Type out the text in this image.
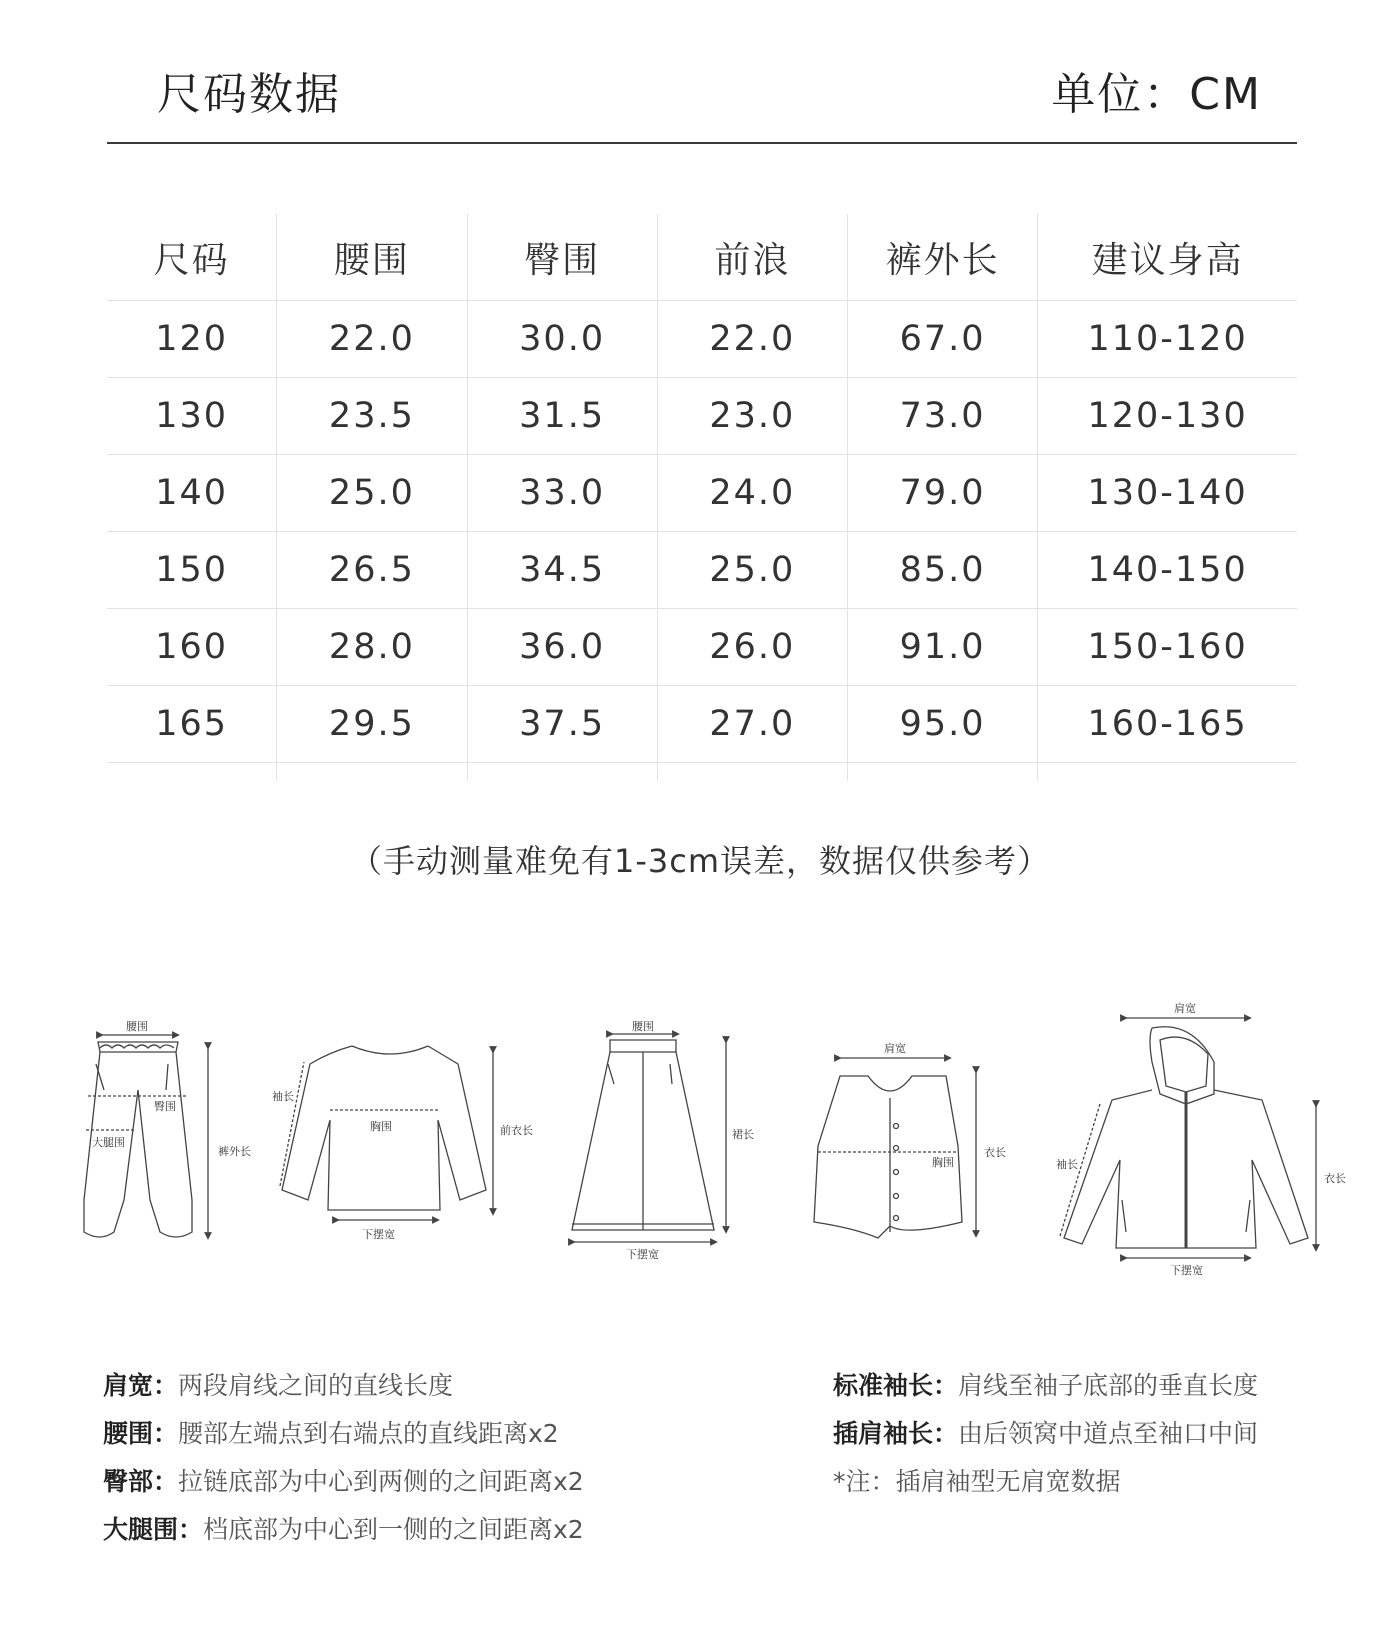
尺码数据	单位：CM
尺码	腰围	臀围	前浪	裤外长	建议身高
120	22.0	30.0	22.0	67.0	110-120
130	23.5	31.5	23.0	73.0	120-130
140	25.0	33.0	24.0	79.0	130-140
150	26.5	34.5	25.0	85.0	140-150
160	28.0	36.0	26.0	91.0	150-160
165	29.5	37.5	27.0	95.0	160-165

（手动测量难免有1-3cm误差，数据仅供参考）
腰围
臀围
大腿围
裤外长
袖长
胸围	前衣长
下摆宽
腰围
裙长
下摆宽
肩宽
胸围
衣长
肩宽
袖长
衣长
下摆宽
肩宽：两段肩线之间的直线长度
腰围：腰部左端点到右端点的直线距离x2
臀部：拉链底部为中心到两侧的之间距离x2
大腿围：档底部为中心到一侧的之间距离x2
标准袖长：肩线至袖子底部的垂直长度
插肩袖长：由后领窝中道点至袖口中间
*注：插肩袖型无肩宽数据
